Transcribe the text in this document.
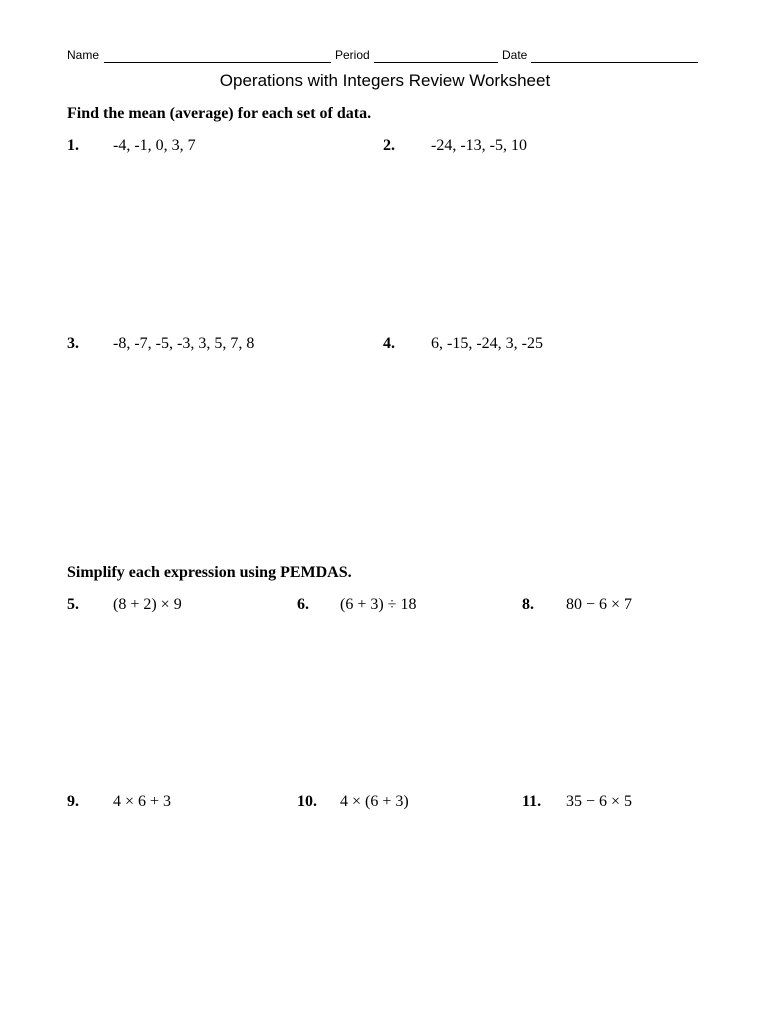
Name	Period	Date
Operations with Integers Review Worksheet
Find the mean (average) for each set of data.
1. -4, -1, 0, 3, 7	2. -24, -13, -5, 10
3. -8, -7, -5, -3, 3, 5, 7, 8	4. 6, -15, -24, 3, -25
Simplify each expression using PEMDAS.
5. (8 + 2) × 9	6. (6 + 3) ÷ 18	8. 80 − 6 × 7
9. 4 × 6 + 3	10. 4 × (6 + 3)	11. 35 − 6 × 5
